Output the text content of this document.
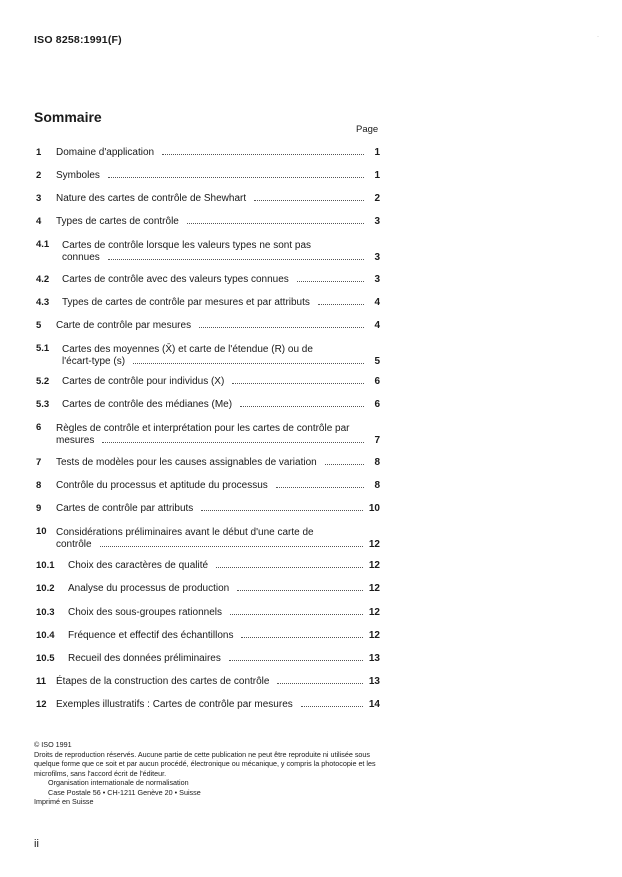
ISO 8258:1991(F)	·
Sommaire
Page
1 Domaine d'application	1
2 Symboles	1
3 Nature des cartes de contrôle de Shewhart	2
4 Types de cartes de contrôle	3
4.1 Cartes de contrôle lorsque les valeurs types ne sont pas
connues	3
4.2 Cartes de contrôle avec des valeurs types connues	3
4.3 Types de cartes de contrôle par mesures et par attributs	4
5 Carte de contrôle par mesures	4
5.1 Cartes des moyennes (X̄) et carte de l'étendue (R) ou de
l'écart-type (s)	5
5.2 Cartes de contrôle pour individus (X)	6
5.3 Cartes de contrôle des médianes (Me)	6
6 Règles de contrôle et interprétation pour les cartes de contrôle par
mesures	7
7 Tests de modèles pour les causes assignables de variation	8
8 Contrôle du processus et aptitude du processus	8
9 Cartes de contrôle par attributs	10
10 Considérations préliminaires avant le début d'une carte de
contrôle	12
10.1 Choix des caractères de qualité	12
10.2 Analyse du processus de production	12
10.3 Choix des sous-groupes rationnels	12
10.4 Fréquence et effectif des échantillons	12
10.5 Recueil des données préliminaires	13
11 Étapes de la construction des cartes de contrôle	13
12 Exemples illustratifs : Cartes de contrôle par mesures	14

© ISO 1991

Droits de reproduction réservés. Aucune partie de cette publication ne peut être reproduite ni utilisée sous quelque forme que ce soit et par aucun procédé, électronique ou mécanique, y compris la photocopie et les microfilms, sans l'accord écrit de l'éditeur.

Organisation internationale de normalisation

Case Postale 56 • CH-1211 Genève 20 • Suisse

Imprimé en Suisse

ii
